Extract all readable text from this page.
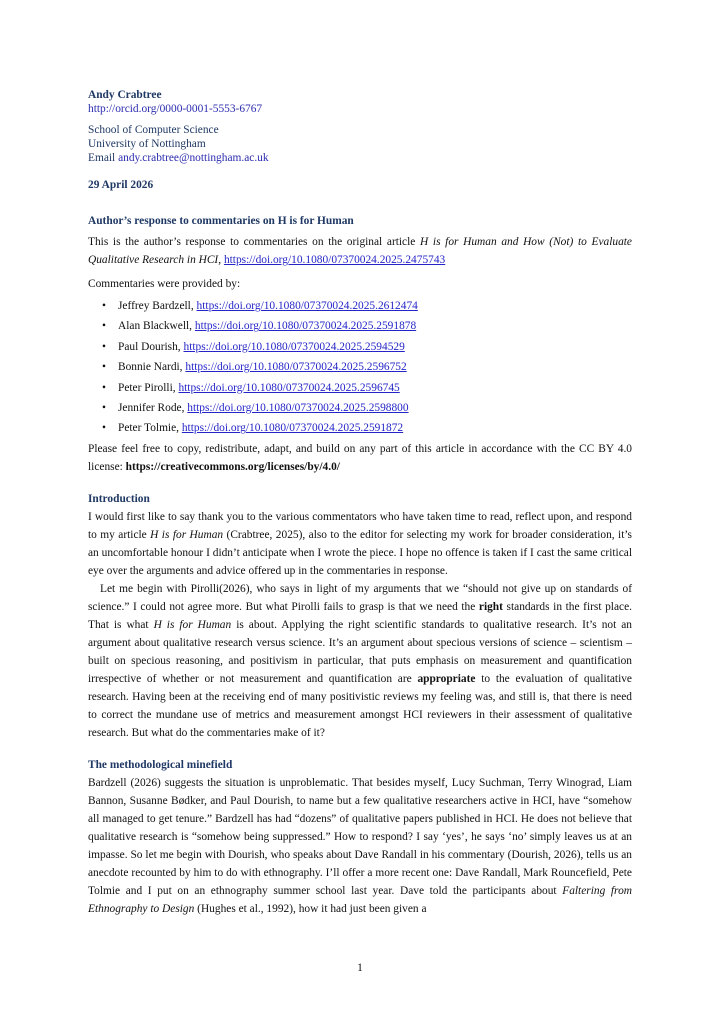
Andy Crabtree
http://orcid.org/0000-0001-5553-6767
School of Computer Science
University of Nottingham
Email andy.crabtree@nottingham.ac.uk
29 April 2026
Author’s response to commentaries on H is for Human

This is the author’s response to commentaries on the original article H is for Human and How (Not) to Evaluate Qualitative Research in HCI, https://doi.org/10.1080/07370024.2025.2475743

Commentaries were provided by:

• Jeffrey Bardzell, https://doi.org/10.1080/07370024.2025.2612474
• Alan Blackwell, https://doi.org/10.1080/07370024.2025.2591878
• Paul Dourish, https://doi.org/10.1080/07370024.2025.2594529
• Bonnie Nardi, https://doi.org/10.1080/07370024.2025.2596752
• Peter Pirolli, https://doi.org/10.1080/07370024.2025.2596745
• Jennifer Rode, https://doi.org/10.1080/07370024.2025.2598800
• Peter Tolmie, https://doi.org/10.1080/07370024.2025.2591872

Please feel free to copy, redistribute, adapt, and build on any part of this article in accordance with the CC BY 4.0 license: https://creativecommons.org/licenses/by/4.0/

Introduction

I would first like to say thank you to the various commentators who have taken time to read, reflect upon, and respond to my article H is for Human (Crabtree, 2025), also to the editor for selecting my work for broader consideration, it’s an uncomfortable honour I didn’t anticipate when I wrote the piece. I hope no offence is taken if I cast the same critical eye over the arguments and advice offered up in the commentaries in response.

Let me begin with Pirolli(2026), who says in light of my arguments that we “should not give up on standards of science.” I could not agree more. But what Pirolli fails to grasp is that we need the right standards in the first place. That is what H is for Human is about. Applying the right scientific standards to qualitative research. It’s not an argument about qualitative research versus science. It’s an argument about specious versions of science – scientism – built on specious reasoning, and positivism in particular, that puts emphasis on measurement and quantification irrespective of whether or not measurement and quantification are appropriate to the evaluation of qualitative research. Having been at the receiving end of many positivistic reviews my feeling was, and still is, that there is need to correct the mundane use of metrics and measurement amongst HCI reviewers in their assessment of qualitative research. But what do the commentaries make of it?

The methodological minefield

Bardzell (2026) suggests the situation is unproblematic. That besides myself, Lucy Suchman, Terry Winograd, Liam Bannon, Susanne Bødker, and Paul Dourish, to name but a few qualitative researchers active in HCI, have “somehow all managed to get tenure.” Bardzell has had “dozens” of qualitative papers published in HCI. He does not believe that qualitative research is “somehow being suppressed.” How to respond? I say ‘yes’, he says ‘no’ simply leaves us at an impasse. So let me begin with Dourish, who speaks about Dave Randall in his commentary (Dourish, 2026), tells us an anecdote recounted by him to do with ethnography. I’ll offer a more recent one: Dave Randall, Mark Rouncefield, Pete Tolmie and I put on an ethnography summer school last year. Dave told the participants about Faltering from Ethnography to Design (Hughes et al., 1992), how it had just been given a

1
